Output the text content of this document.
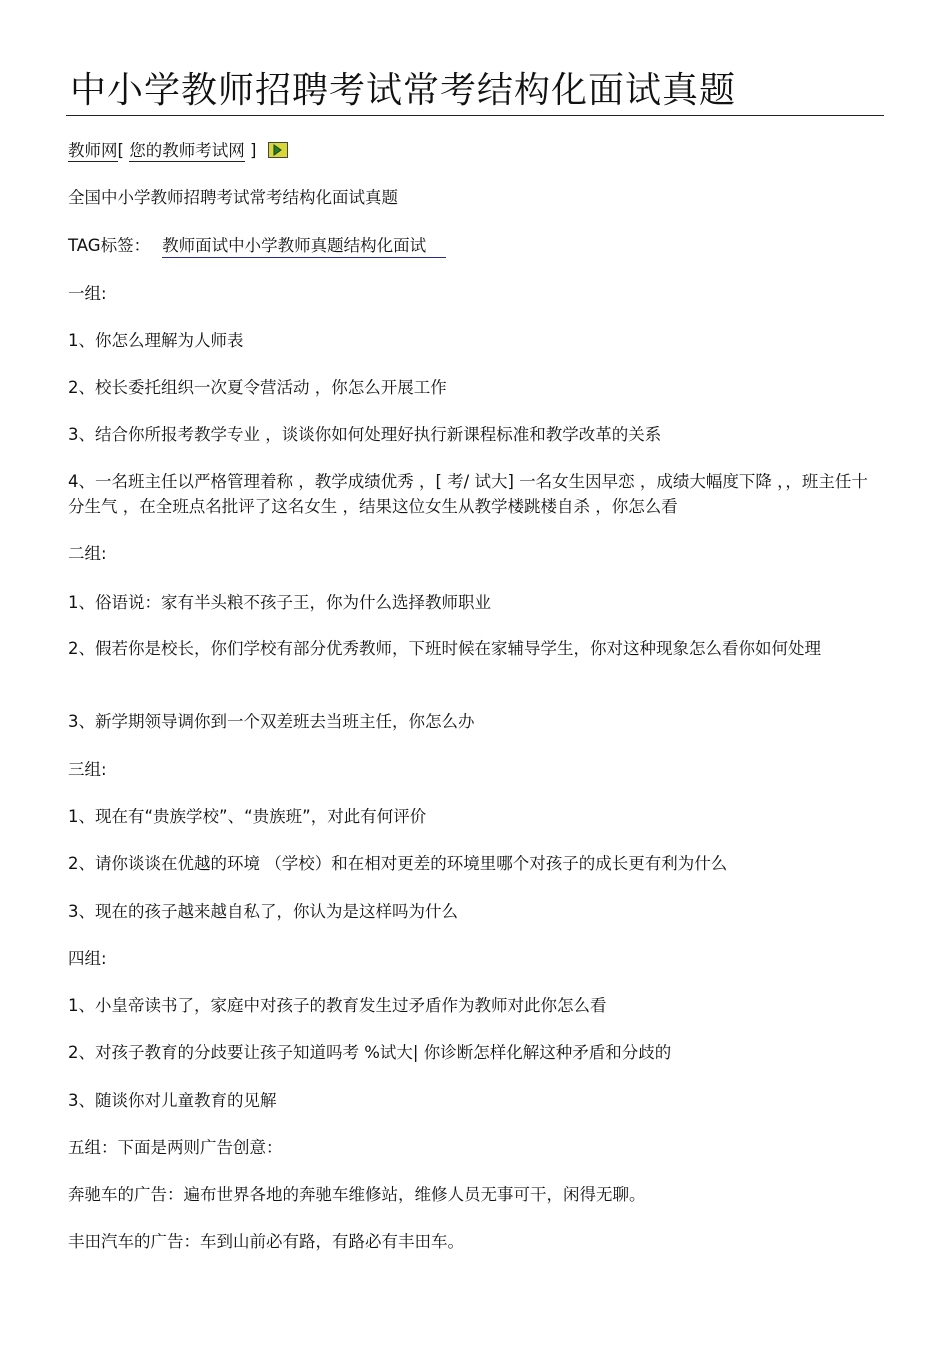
中小学教师招聘考试常考结构化面试真题
教师网[ 您的教师考试网 ]
全国中小学教师招聘考试常考结构化面试真题
TAG标签： 教师面试中小学教师真题结构化面试
一组:
1、你怎么理解为人师表
2、校长委托组织一次夏令营活动 ，你怎么开展工作
3、结合你所报考教学专业 ，谈谈你如何处理好执行新课程标准和教学改革的关系
4、一名班主任以严格管理着称 ，教学成绩优秀 ，[ 考/ 试大] 一名女生因早恋 ，成绩大幅度下降 ，，班主任十分生气 ，在全班点名批评了这名女生 ，结果这位女生从教学楼跳楼自杀 ，你怎么看
二组:
1、俗语说：家有半头粮不孩子王，你为什么选择教师职业
2、假若你是校长，你们学校有部分优秀教师，下班时候在家辅导学生，你对这种现象怎么看你如何处理
3、新学期领导调你到一个双差班去当班主任，你怎么办
三组:
1、现在有“贵族学校”、“贵族班”，对此有何评价
2、请你谈谈在优越的环境 （学校）和在相对更差的环境里哪个对孩子的成长更有利为什么
3、现在的孩子越来越自私了，你认为是这样吗为什么
四组:
1、小皇帝读书了，家庭中对孩子的教育发生过矛盾作为教师对此你怎么看
2、对孩子教育的分歧要让孩子知道吗考 %试大| 你诊断怎样化解这种矛盾和分歧的
3、随谈你对儿童教育的见解
五组：下面是两则广告创意：
奔驰车的广告：遍布世界各地的奔驰车维修站，维修人员无事可干，闲得无聊。
丰田汽车的广告：车到山前必有路，有路必有丰田车。
